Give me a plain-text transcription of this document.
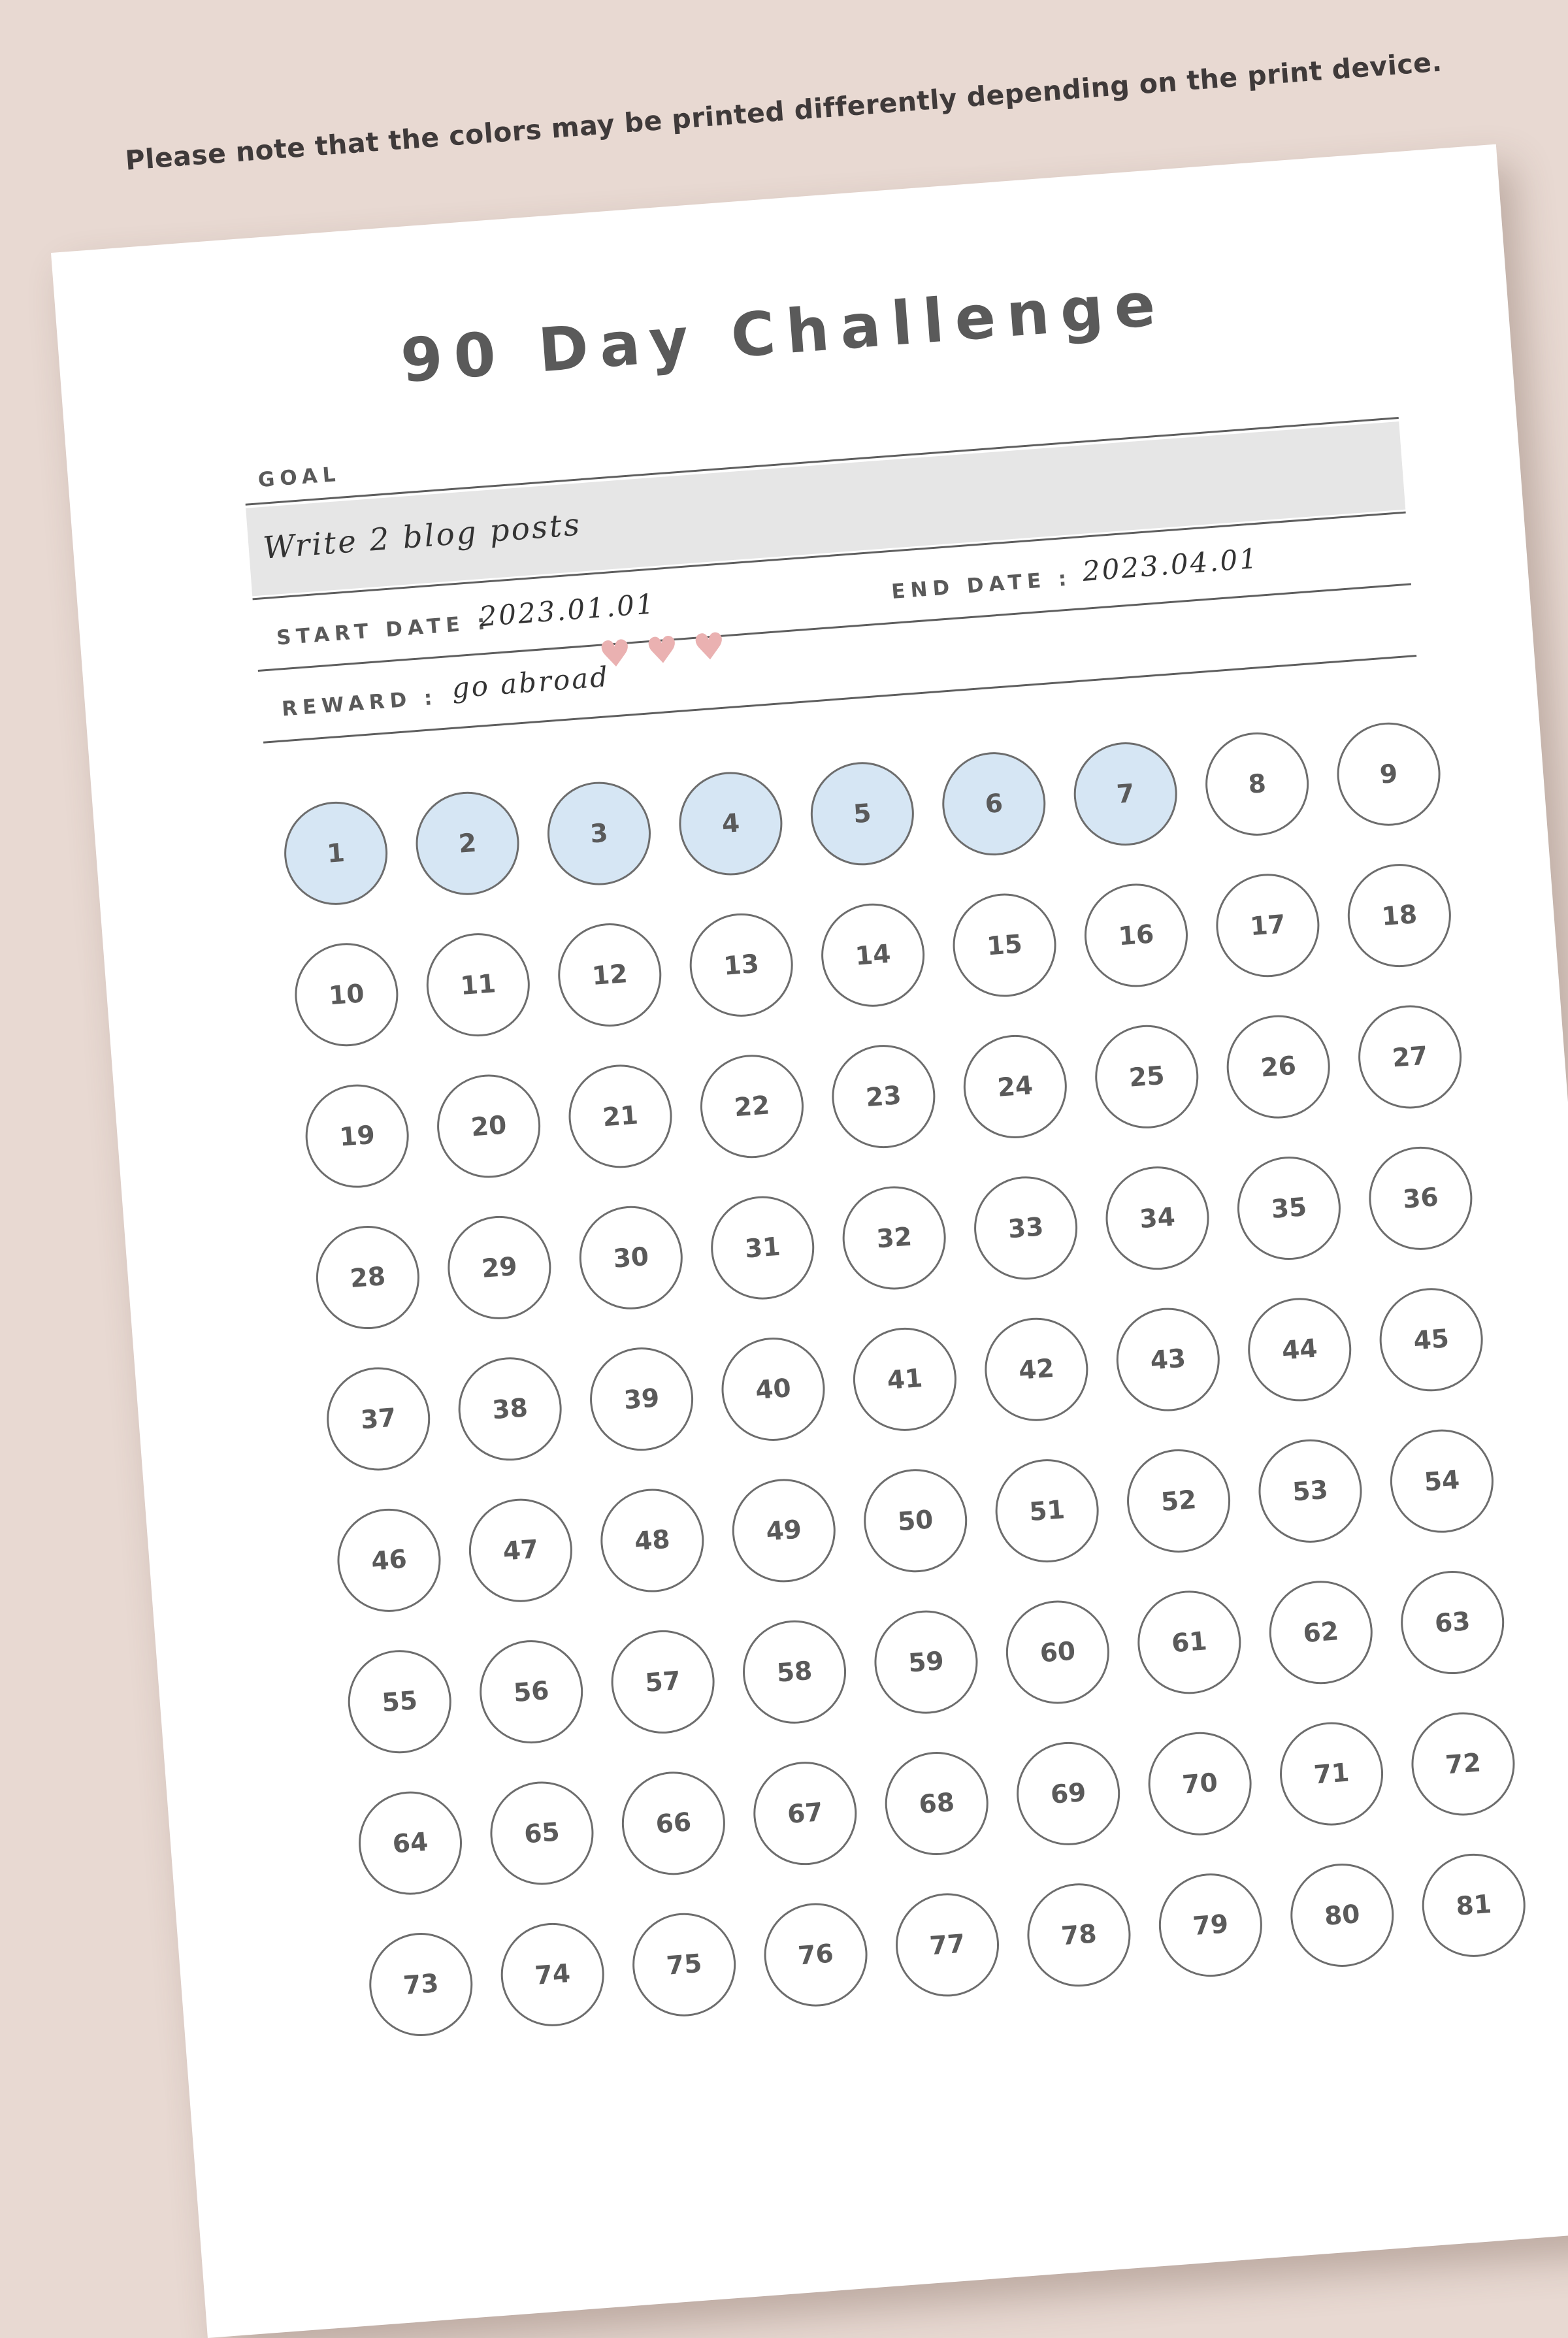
Please note that the colors may be printed differently depending on the print device.
90 Day Challenge
GOAL
Write 2 blog posts
START DATE :
2023.01.01
END DATE : 2023.04.01
REWARD : go abroad
♥ ♥ ♥
1	2	3	4	5	6	7	8	9
10	11	12	13	14	15	16	17	18
19	20	21	22	23	24	25	26	27
28	29	30	31	32	33	34	35	36
37	38	39	40	41	42	43	44	45
46	47	48	49	50	51	52	53	54
55	56	57	58	59	60	61	62	63
64	65	66	67	68	69	70	71	72
73	74	75	76	77	78	79	80	81
